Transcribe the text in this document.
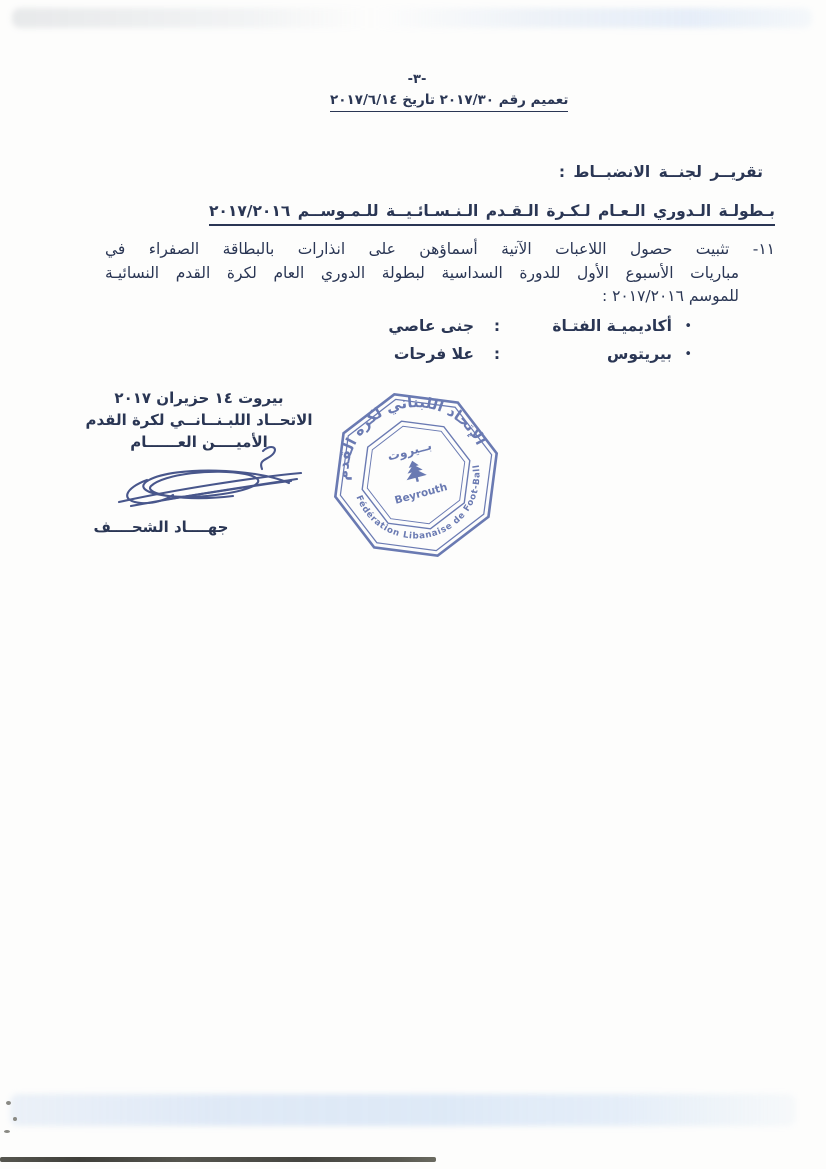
-٣-
تعميم رقم ٢٠١٧/٣٠ تاريخ ٢٠١٧/٦/١٤
تقريــر لجنــة الانضبــاط :
بـطولـة الـدوري الـعـام لـكـرة الـقـدم الـنـسـائـيــة للـمـوســم ٢٠١٧/٢٠١٦
١١- تثبيت حصول اللاعبات الآتية أسماؤهن على انذارات بالبطاقة الصفراء في
مباريات الأسبوع الأول للدورة السداسية لبطولة الدوري العام لكرة القدم النسائيـة
للموسم ٢٠١٧/٢٠١٦ :
•
أكاديميـة الفتـاة
:
جنى عاصي
•
بيريتوس
:
علا فرحات
بيروت ١٤ حزيران ٢٠١٧
الاتحــاد اللبـنــانــي لكرة القدم
الأميــــن العــــــام
جهــــاد الشحــــف
الإتحاد اللبناني لكرة القدم
Fédération Libanaise de Foot-Ball
بــيروت
Beyrouth
